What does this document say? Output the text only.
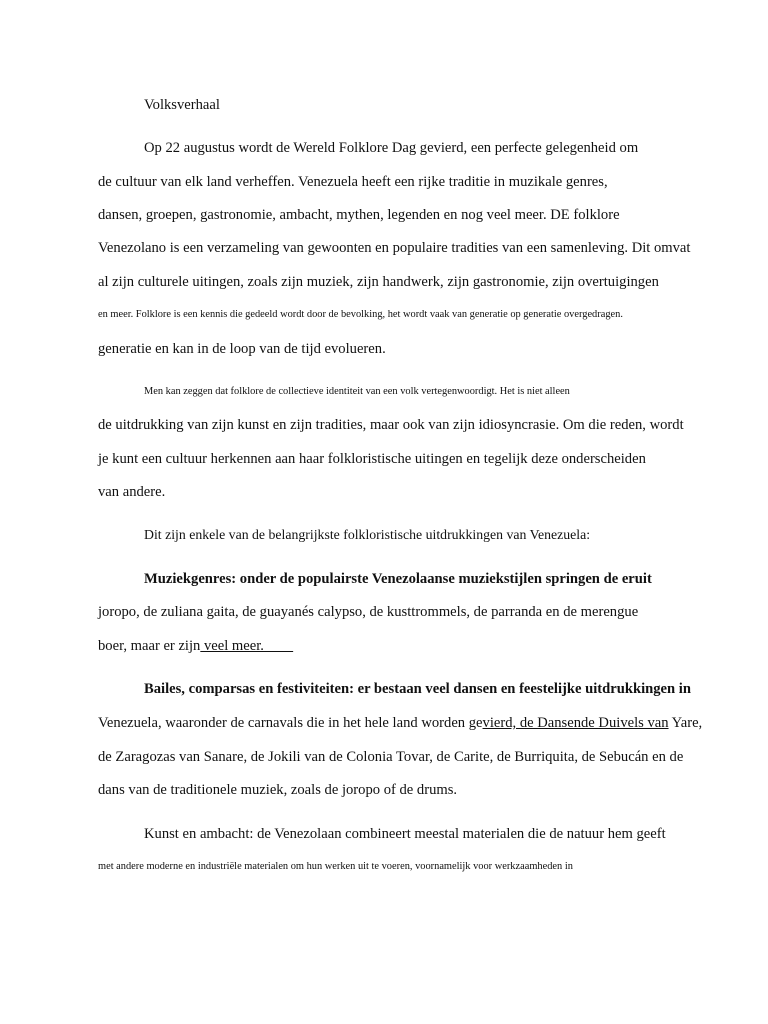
Volksverhaal

Op 22 augustus wordt de Wereld Folklore Dag gevierd, een perfecte gelegenheid om

de cultuur van elk land verheffen. Venezuela heeft een rijke traditie in muzikale genres,

dansen, groepen, gastronomie, ambacht, mythen, legenden en nog veel meer. DE folklore

Venezolano is een verzameling van gewoonten en populaire tradities van een samenleving. Dit omvat

al zijn culturele uitingen, zoals zijn muziek, zijn handwerk, zijn gastronomie, zijn overtuigingen

en meer. Folklore is een kennis die gedeeld wordt door de bevolking, het wordt vaak van generatie op generatie overgedragen.

generatie en kan in de loop van de tijd evolueren.

Men kan zeggen dat folklore de collectieve identiteit van een volk vertegenwoordigt. Het is niet alleen

de uitdrukking van zijn kunst en zijn tradities, maar ook van zijn idiosyncrasie. Om die reden, wordt

je kunt een cultuur herkennen aan haar folkloristische uitingen en tegelijk deze onderscheiden

van andere.

Dit zijn enkele van de belangrijkste folkloristische uitdrukkingen van Venezuela:

Muziekgenres: onder de populairste Venezolaanse muziekstijlen springen de eruit

joropo, de zuliana gaita, de guayanés calypso, de kusttrommels, de parranda en de merengue

boer, maar er zijn veel meer.

Bailes, comparsas en festiviteiten: er bestaan veel dansen en feestelijke uitdrukkingen in

Venezuela, waaronder de carnavals die in het hele land worden gevierd, de Dansende Duivels van Yare,

de Zaragozas van Sanare, de Jokili van de Colonia Tovar, de Carite, de Burriquita, de Sebucán en de

dans van de traditionele muziek, zoals de joropo of de drums.

Kunst en ambacht: de Venezolaan combineert meestal materialen die de natuur hem geeft

met andere moderne en industriële materialen om hun werken uit te voeren, voornamelijk voor werkzaamheden in
